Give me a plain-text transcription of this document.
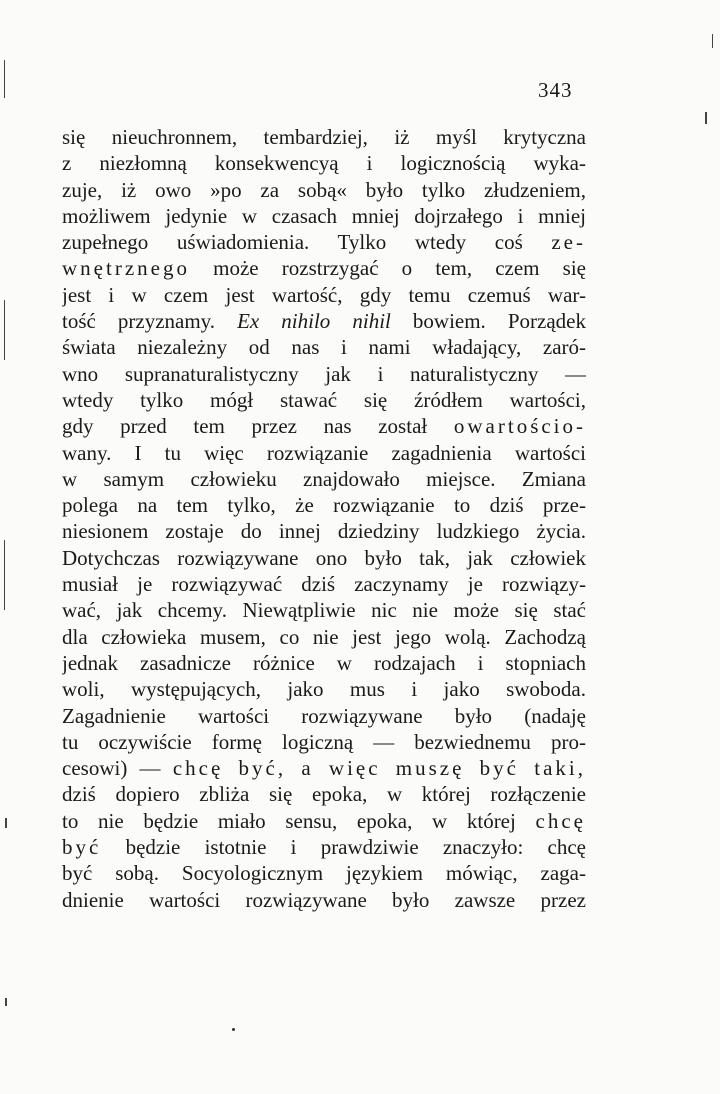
343
się nieuchronnem, tembardziej, iż myśl krytyczna
z niezłomną konsekwencyą i logicznością wyka-
zuje, iż owo »po za sobą« było tylko złudzeniem,
możliwem jedynie w czasach mniej dojrzałego i mniej
zupełnego uświadomienia. Tylko wtedy coś ze-
wnętrznego może rozstrzygać o tem, czem się
jest i w czem jest wartość, gdy temu czemuś war-
tość przyznamy. Ex nihilo nihil bowiem. Porządek
świata niezależny od nas i nami władający, zaró-
wno supranaturalistyczny jak i naturalistyczny —
wtedy tylko mógł stawać się źródłem wartości,
gdy przed tem przez nas został owartościo-
wany. I tu więc rozwiązanie zagadnienia wartości
w samym człowieku znajdowało miejsce. Zmiana
polega na tem tylko, że rozwiązanie to dziś prze-
niesionem zostaje do innej dziedziny ludzkiego życia.
Dotychczas rozwiązywane ono było tak, jak człowiek
musiał je rozwiązywać dziś zaczynamy je rozwiązy-
wać, jak chcemy. Niewątpliwie nic nie może się stać
dla człowieka musem, co nie jest jego wolą. Zachodzą
jednak zasadnicze różnice w rodzajach i stopniach
woli, występujących, jako mus i jako swoboda.
Zagadnienie wartości rozwiązywane było (nadaję
tu oczywiście formę logiczną — bezwiednemu pro-
cesowi) — chcę być, a więc muszę być taki,
dziś dopiero zbliża się epoka, w której rozłączenie
to nie będzie miało sensu, epoka, w której chcę
być będzie istotnie i prawdziwie znaczyło: chcę
być sobą. Socyologicznym językiem mówiąc, zaga-
dnienie wartości rozwiązywane było zawsze przez
